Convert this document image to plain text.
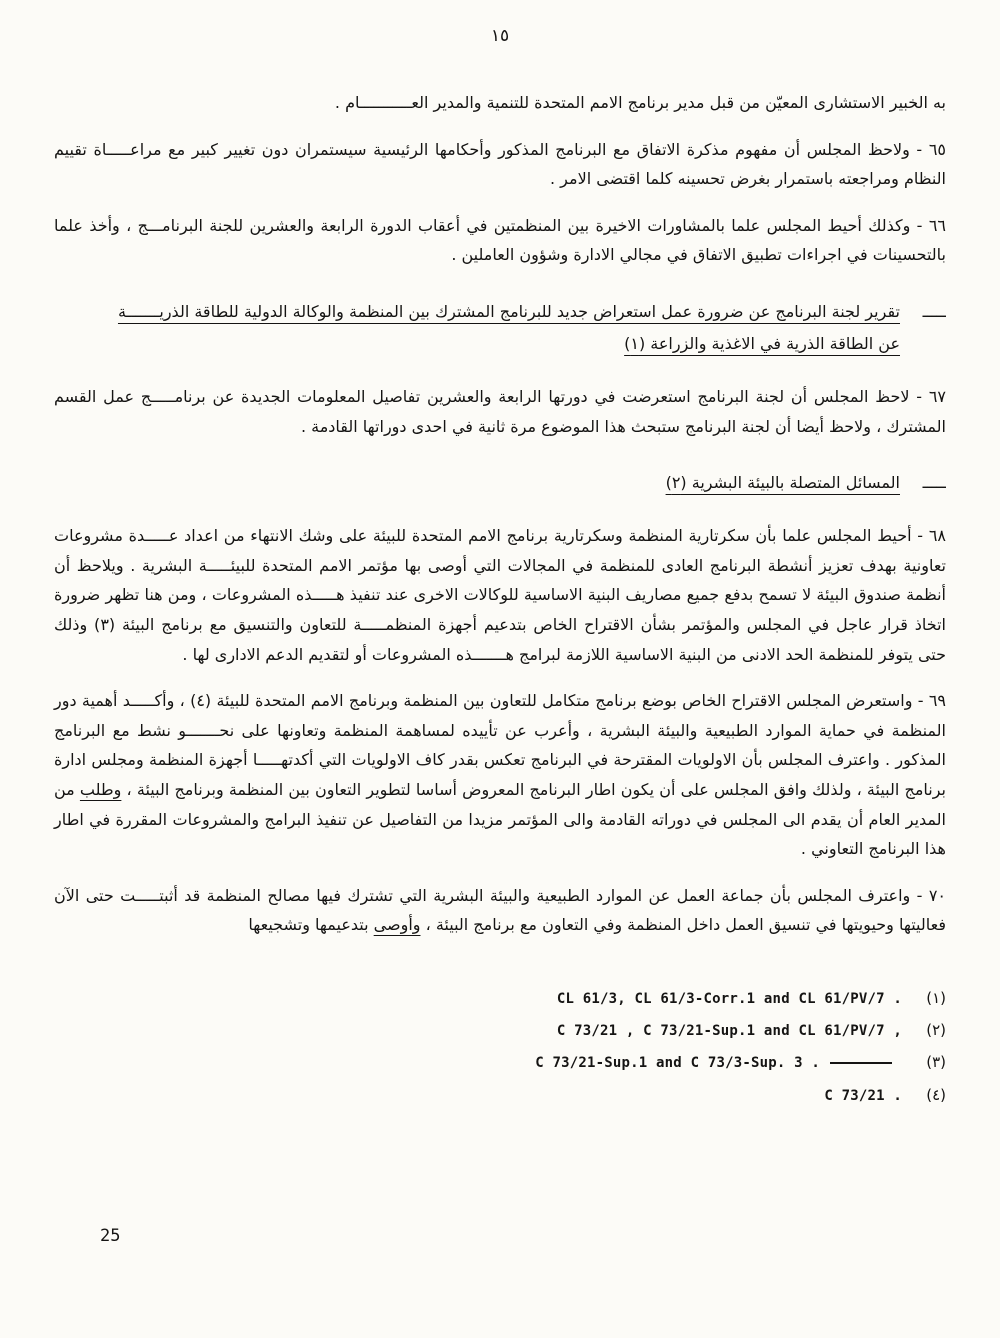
١٥

به الخبير الاستشارى المعيّن من قبل مدير برنامج الامم المتحدة للتنمية والمدير العـــــــــــام .

٦٥ - ولاحظ المجلس أن مفهوم مذكرة الاتفاق مع البرنامج المذكور وأحكامها الرئيسية سيستمران دون تغيير كبير مع مراعـــــاة تقييم النظام ومراجعته باستمرار بغرض تحسينه كلما اقتضى الامر .

٦٦ - وكذلك أحيط المجلس علما بالمشاورات الاخيرة بين المنظمتين في أعقاب الدورة الرابعة والعشرين للجنة البرنامـــج ، وأخذ علما بالتحسينات في اجراءات تطبيق الاتفاق في مجالي الادارة وشؤون العاملين .

ـــــ
تقرير لجنة البرنامج عن ضرورة عمل استعراض جديد للبرنامج المشترك بين المنظمة والوكالة الدولية للطاقة الذريـــــــة
عن الطاقة الذرية في الاغذية والزراعة (١)

٦٧ - لاحظ المجلس أن لجنة البرنامج استعرضت في دورتها الرابعة والعشرين تفاصيل المعلومات الجديدة عن برنامـــــج عمل القسم المشترك ، ولاحظ أيضا أن لجنة البرنامج ستبحث هذا الموضوع مرة ثانية في احدى دوراتها القادمة .

ـــــ
المسائل المتصلة بالبيئة البشرية (٢)

٦٨ - أحيط المجلس علما بأن سكرتارية المنظمة وسكرتارية برنامج الامم المتحدة للبيئة على وشك الانتهاء من اعداد عـــــدة مشروعات تعاونية بهدف تعزيز أنشطة البرنامج العادى للمنظمة في المجالات التي أوصى بها مؤتمر الامم المتحدة للبيئـــــة البشرية . ويلاحظ أن أنظمة صندوق البيئة لا تسمح بدفع جميع مصاريف البنية الاساسية للوكالات الاخرى عند تنفيذ هـــــذه المشروعات ، ومن هنا تظهر ضرورة اتخاذ قرار عاجل في المجلس والمؤتمر بشأن الاقتراح الخاص بتدعيم أجهزة المنظمـــــة للتعاون والتنسيق مع برنامج البيئة (٣) وذلك حتى يتوفر للمنظمة الحد الادنى من البنية الاساسية اللازمة لبرامج هـــــــذه المشروعات أو لتقديم الدعم الادارى لها .

٦٩ - واستعرض المجلس الاقتراح الخاص بوضع برنامج متكامل للتعاون بين المنظمة وبرنامج الامم المتحدة للبيئة (٤) ، وأكـــــد أهمية دور المنظمة في حماية الموارد الطبيعية والبيئة البشرية ، وأعرب عن تأييده لمساهمة المنظمة وتعاونها على نحـــــــو نشط مع البرنامج المذكور . واعترف المجلس بأن الاولويات المقترحة في البرنامج تعكس بقدر كاف الاولويات التي أكدتهـــــا أجهزة المنظمة ومجلس ادارة برنامج البيئة ، ولذلك وافق المجلس على أن يكون اطار البرنامج المعروض أساسا لتطوير التعاون بين المنظمة وبرنامج البيئة ، وطلب من المدير العام أن يقدم الى المجلس في دوراته القادمة والى المؤتمر مزيدا من التفاصيل عن تنفيذ البرامج والمشروعات المقررة في اطار هذا البرنامج التعاوني .

٧٠ - واعترف المجلس بأن جماعة العمل عن الموارد الطبيعية والبيئة البشرية التي تشترك فيها مصالح المنظمة قد أثبتـــــت حتى الآن فعاليتها وحيويتها في تنسيق العمل داخل المنظمة وفي التعاون مع برنامج البيئة ، وأوصى بتدعيمها وتشجيعها

(١)
CL 61/3, CL 61/3-Corr.1 and CL 61/PV/7 .
(٢)
C 73/21 , C 73/21-Sup.1 and CL 61/PV/7 ,
(٣)
C 73/21-Sup.1 and C 73/3-Sup. 3 .
(٤)
C 73/21 .
25
